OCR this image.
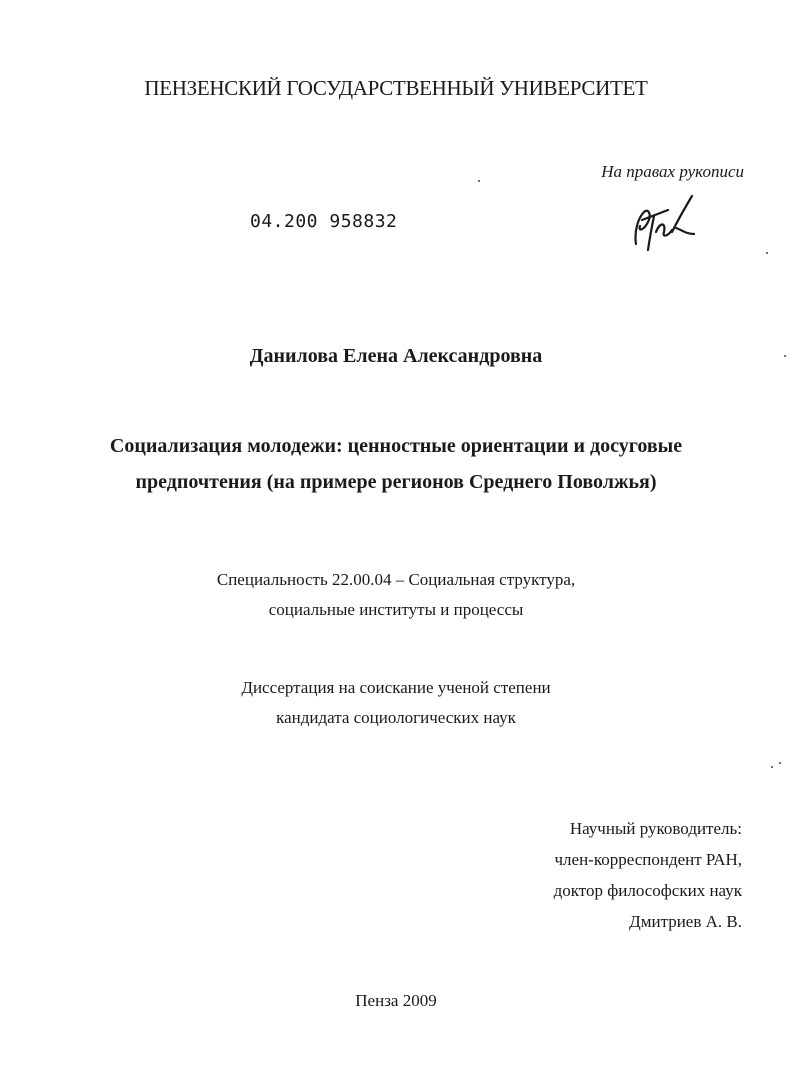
ПЕНЗЕНСКИЙ ГОСУДАРСТВЕННЫЙ УНИВЕРСИТЕТ
На правах рукописи
04.200 958832
Данилова Елена Александровна
Социализация молодежи: ценностные ориентации и досуговые
предпочтения (на примере регионов Среднего Поволжья)
Специальность 22.00.04 – Социальная структура,
социальные институты и процессы
Диссертация на соискание ученой степени
кандидата социологических наук
Научный руководитель:
член-корреспондент РАН,
доктор философских наук
Дмитриев А. В.
Пенза 2009
